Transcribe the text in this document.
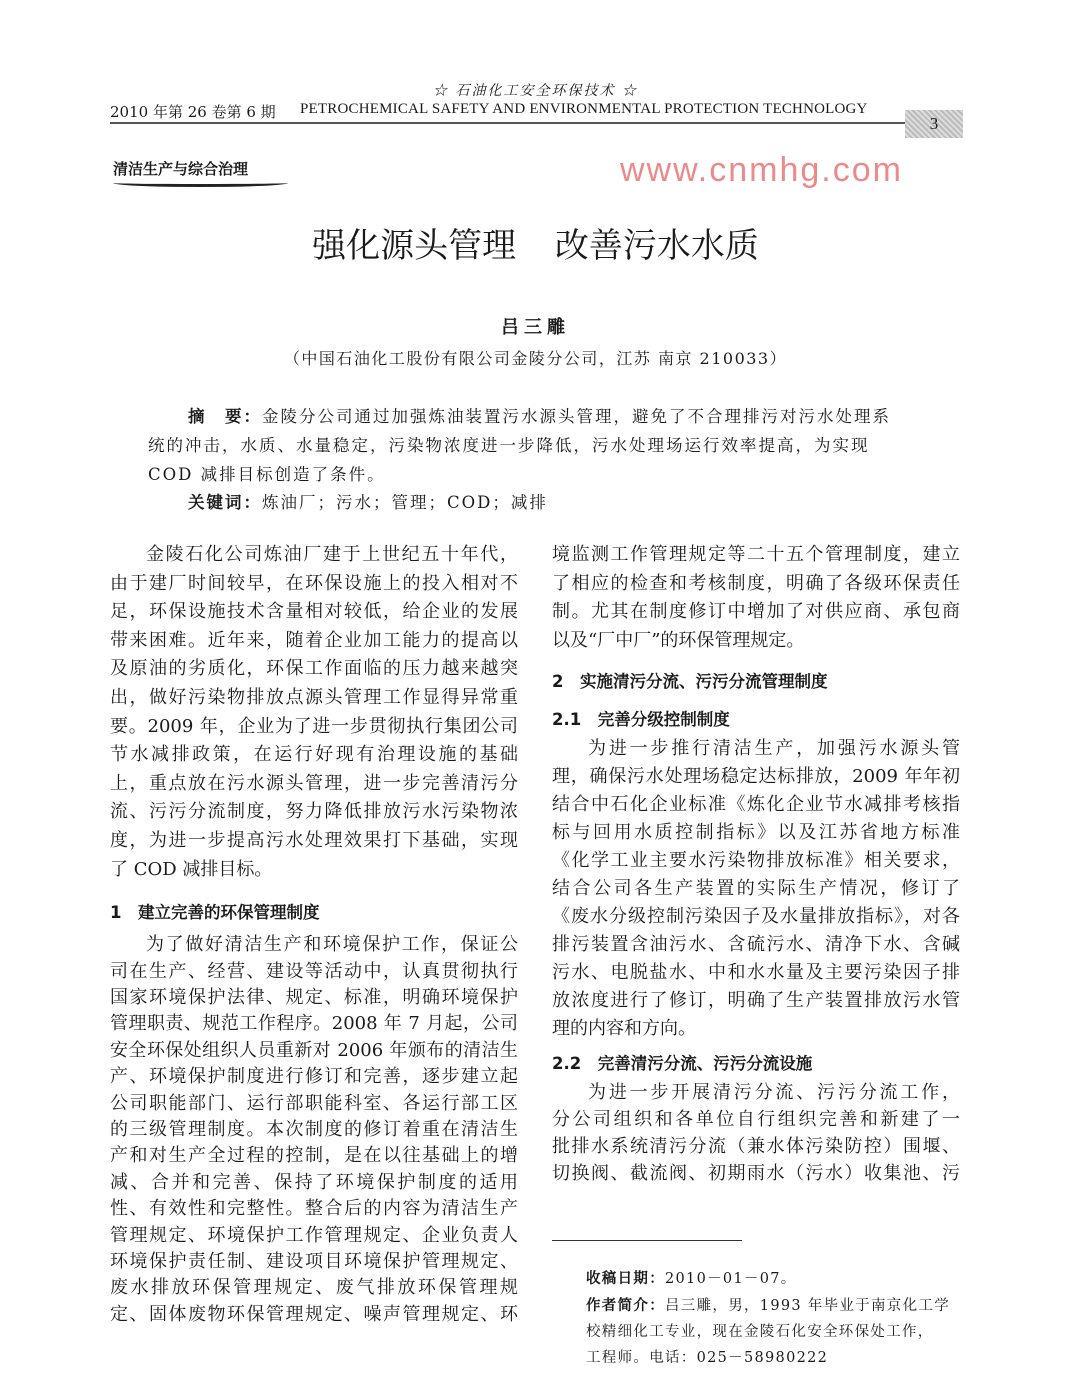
☆ 石油化工安全环保技术 ☆
2010 年第 26 卷第 6 期 PETROCHEMICAL SAFETY AND ENVIRONMENTAL PROTECTION TECHNOLOGY
3
清洁生产与综合治理	www.cnmhg.com
强化源头管理 改善污水水质
吕三雕
（中国石油化工股份有限公司金陵分公司，江苏 南京 210033）
摘　要：金陵分公司通过加强炼油装置污水源头管理，避免了不合理排污对污水处理系
统的冲击，水质、水量稳定，污染物浓度进一步降低，污水处理场运行效率提高，为实现
COD 减排目标创造了条件。
关键词：炼油厂；污水；管理；COD；减排
金陵石化公司炼油厂建于上世纪五十年代，
由于建厂时间较早，在环保设施上的投入相对不
足，环保设施技术含量相对较低，给企业的发展
带来困难。近年来，随着企业加工能力的提高以
及原油的劣质化，环保工作面临的压力越来越突
出，做好污染物排放点源头管理工作显得异常重
要。2009 年，企业为了进一步贯彻执行集团公司
节水减排政策，在运行好现有治理设施的基础
上，重点放在污水源头管理，进一步完善清污分
流、污污分流制度，努力降低排放污水污染物浓
度，为进一步提高污水处理效果打下基础，实现
了 COD 减排目标。
1　建立完善的环保管理制度
为了做好清洁生产和环境保护工作，保证公
司在生产、经营、建设等活动中，认真贯彻执行
国家环境保护法律、规定、标准，明确环境保护
管理职责、规范工作程序。2008 年 7 月起，公司
安全环保处组织人员重新对 2006 年颁布的清洁生
产、环境保护制度进行修订和完善，逐步建立起
公司职能部门、运行部职能科室、各运行部工区
的三级管理制度。本次制度的修订着重在清洁生
产和对生产全过程的控制，是在以往基础上的增
减、合并和完善、保持了环境保护制度的适用
性、有效性和完整性。整合后的内容为清洁生产
管理规定、环境保护工作管理规定、企业负责人
环境保护责任制、建设项目环境保护管理规定、
废水排放环保管理规定、废气排放环保管理规
定、固体废物环保管理规定、噪声管理规定、环
境监测工作管理规定等二十五个管理制度，建立
了相应的检查和考核制度，明确了各级环保责任
制。尤其在制度修订中增加了对供应商、承包商
以及“厂中厂”的环保管理规定。
2　实施清污分流、污污分流管理制度
2.1　完善分级控制制度
为进一步推行清洁生产，加强污水源头管
理，确保污水处理场稳定达标排放，2009 年年初
结合中石化企业标准《炼化企业节水减排考核指
标与回用水质控制指标》以及江苏省地方标准
《化学工业主要水污染物排放标准》相关要求，
结合公司各生产装置的实际生产情况，修订了
《废水分级控制污染因子及水量排放指标》，对各
排污装置含油污水、含硫污水、清净下水、含碱
污水、电脱盐水、中和水水量及主要污染因子排
放浓度进行了修订，明确了生产装置排放污水管
理的内容和方向。
2.2　完善清污分流、污污分流设施
为进一步开展清污分流、污污分流工作，
分公司组织和各单位自行组织完善和新建了一
批排水系统清污分流（兼水体污染防控）围堰、
切换阀、截流阀、初期雨水（污水）收集池、污
收稿日期：2010－01－07。
作者简介：吕三雕，男，1993 年毕业于南京化工学
校精细化工专业，现在金陵石化安全环保处工作，
工程师。电话：025－58980222
